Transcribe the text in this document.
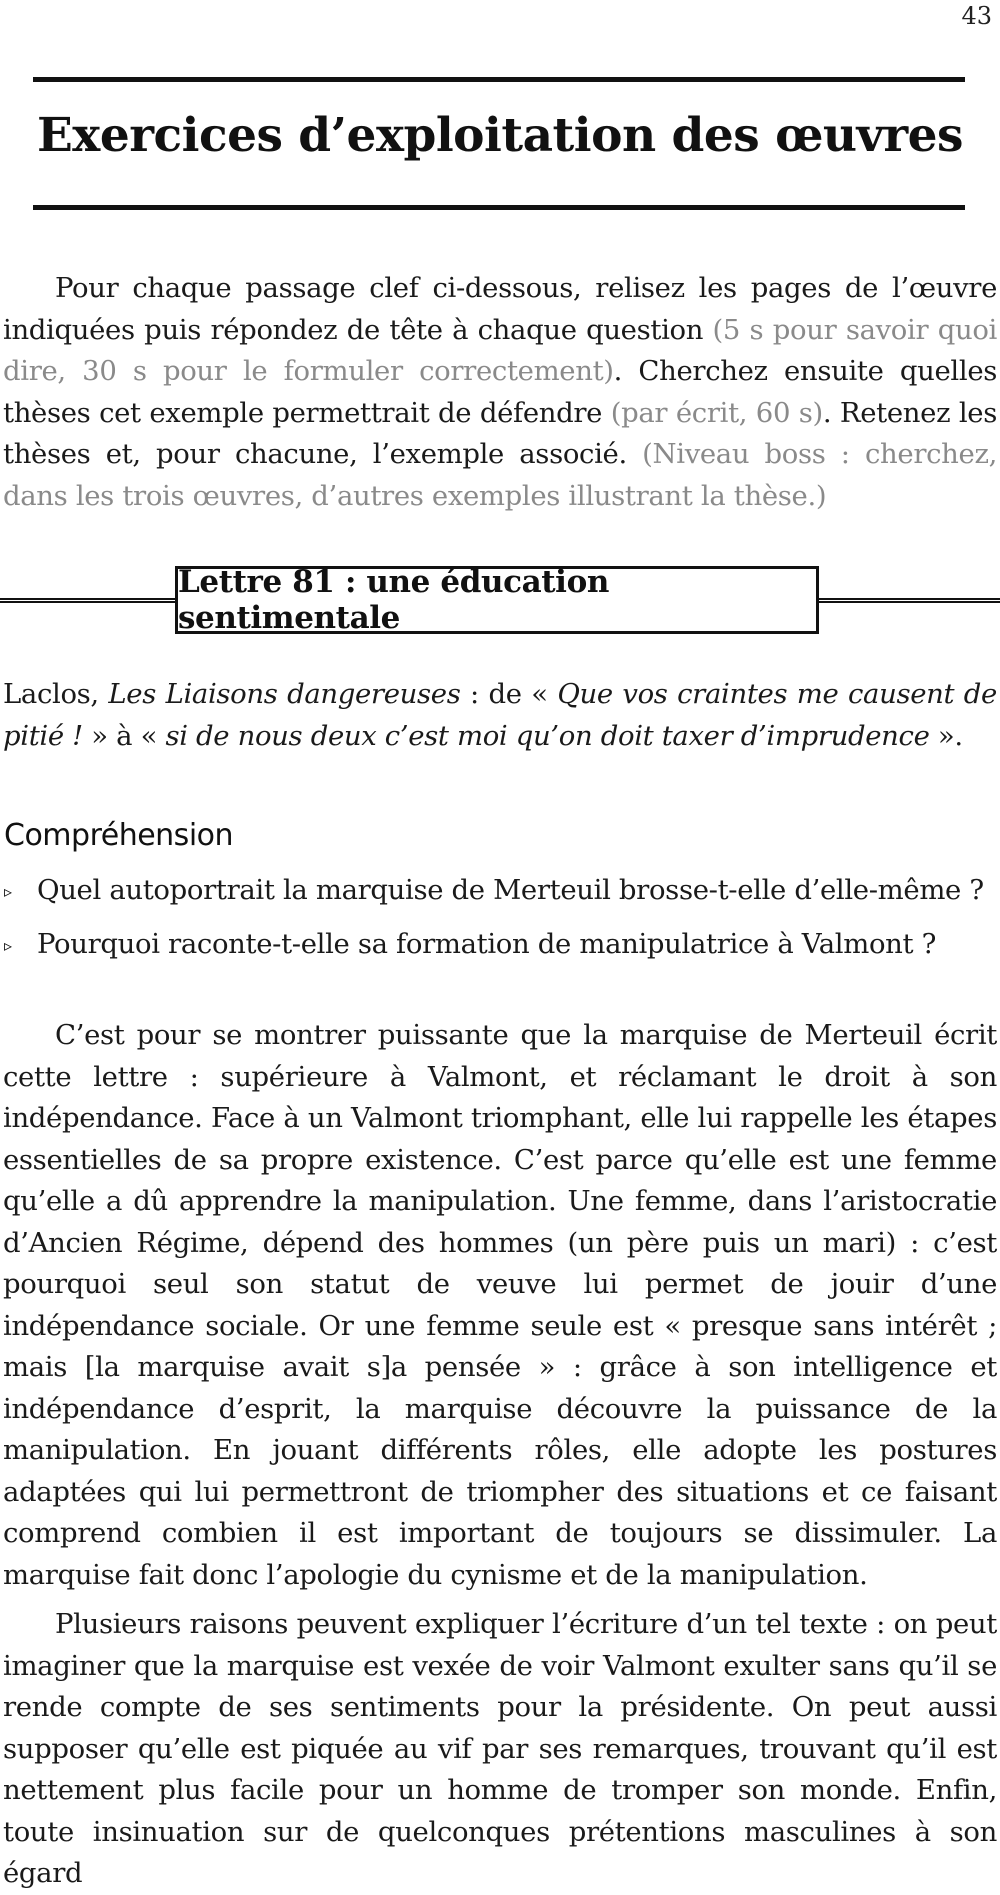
43
Exercices d’exploitation des œuvres

Pour chaque passage clef ci-dessous, relisez les pages de l’œuvre indiquées puis répondez de tête à chaque question (5 s pour savoir quoi dire, 30 s pour le formuler correctement). Cherchez ensuite quelles thèses cet exemple permettrait de défendre (par écrit, 60 s). Retenez les thèses et, pour chacune, l’exemple associé. (Niveau boss : cherchez, dans les trois œuvres, d’autres exemples illustrant la thèse.)

Lettre 81 : une éducation sentimentale

Laclos, Les Liaisons dangereuses : de « Que vos craintes me causent de pitié ! » à « si de nous deux c’est moi qu’on doit taxer d’imprudence ».

Compréhension
▹ Quel autoportrait la marquise de Merteuil brosse-t-elle d’elle-même ?
▹ Pourquoi raconte-t-elle sa formation de manipulatrice à Valmont ?

C’est pour se montrer puissante que la marquise de Merteuil écrit cette lettre : supérieure à Valmont, et réclamant le droit à son indépendance. Face à un Valmont triomphant, elle lui rappelle les étapes essentielles de sa propre existence. C’est parce qu’elle est une femme qu’elle a dû apprendre la manipulation. Une femme, dans l’aristocratie d’Ancien Régime, dépend des hommes (un père puis un mari) : c’est pourquoi seul son statut de veuve lui permet de jouir d’une indépendance sociale. Or une femme seule est « presque sans intérêt ; mais [la marquise avait s]a pensée » : grâce à son intelligence et indépendance d’esprit, la marquise découvre la puissance de la manipulation. En jouant différents rôles, elle adopte les postures adaptées qui lui permettront de triompher des situations et ce faisant comprend combien il est important de toujours se dissimuler. La marquise fait donc l’apologie du cynisme et de la manipulation.

Plusieurs raisons peuvent expliquer l’écriture d’un tel texte : on peut imaginer que la marquise est vexée de voir Valmont exulter sans qu’il se rende compte de ses sentiments pour la présidente. On peut aussi supposer qu’elle est piquée au vif par ses remarques, trouvant qu’il est nettement plus facile pour un homme de tromper son monde. Enfin, toute insinuation sur de quelconques prétentions masculines à son égard
